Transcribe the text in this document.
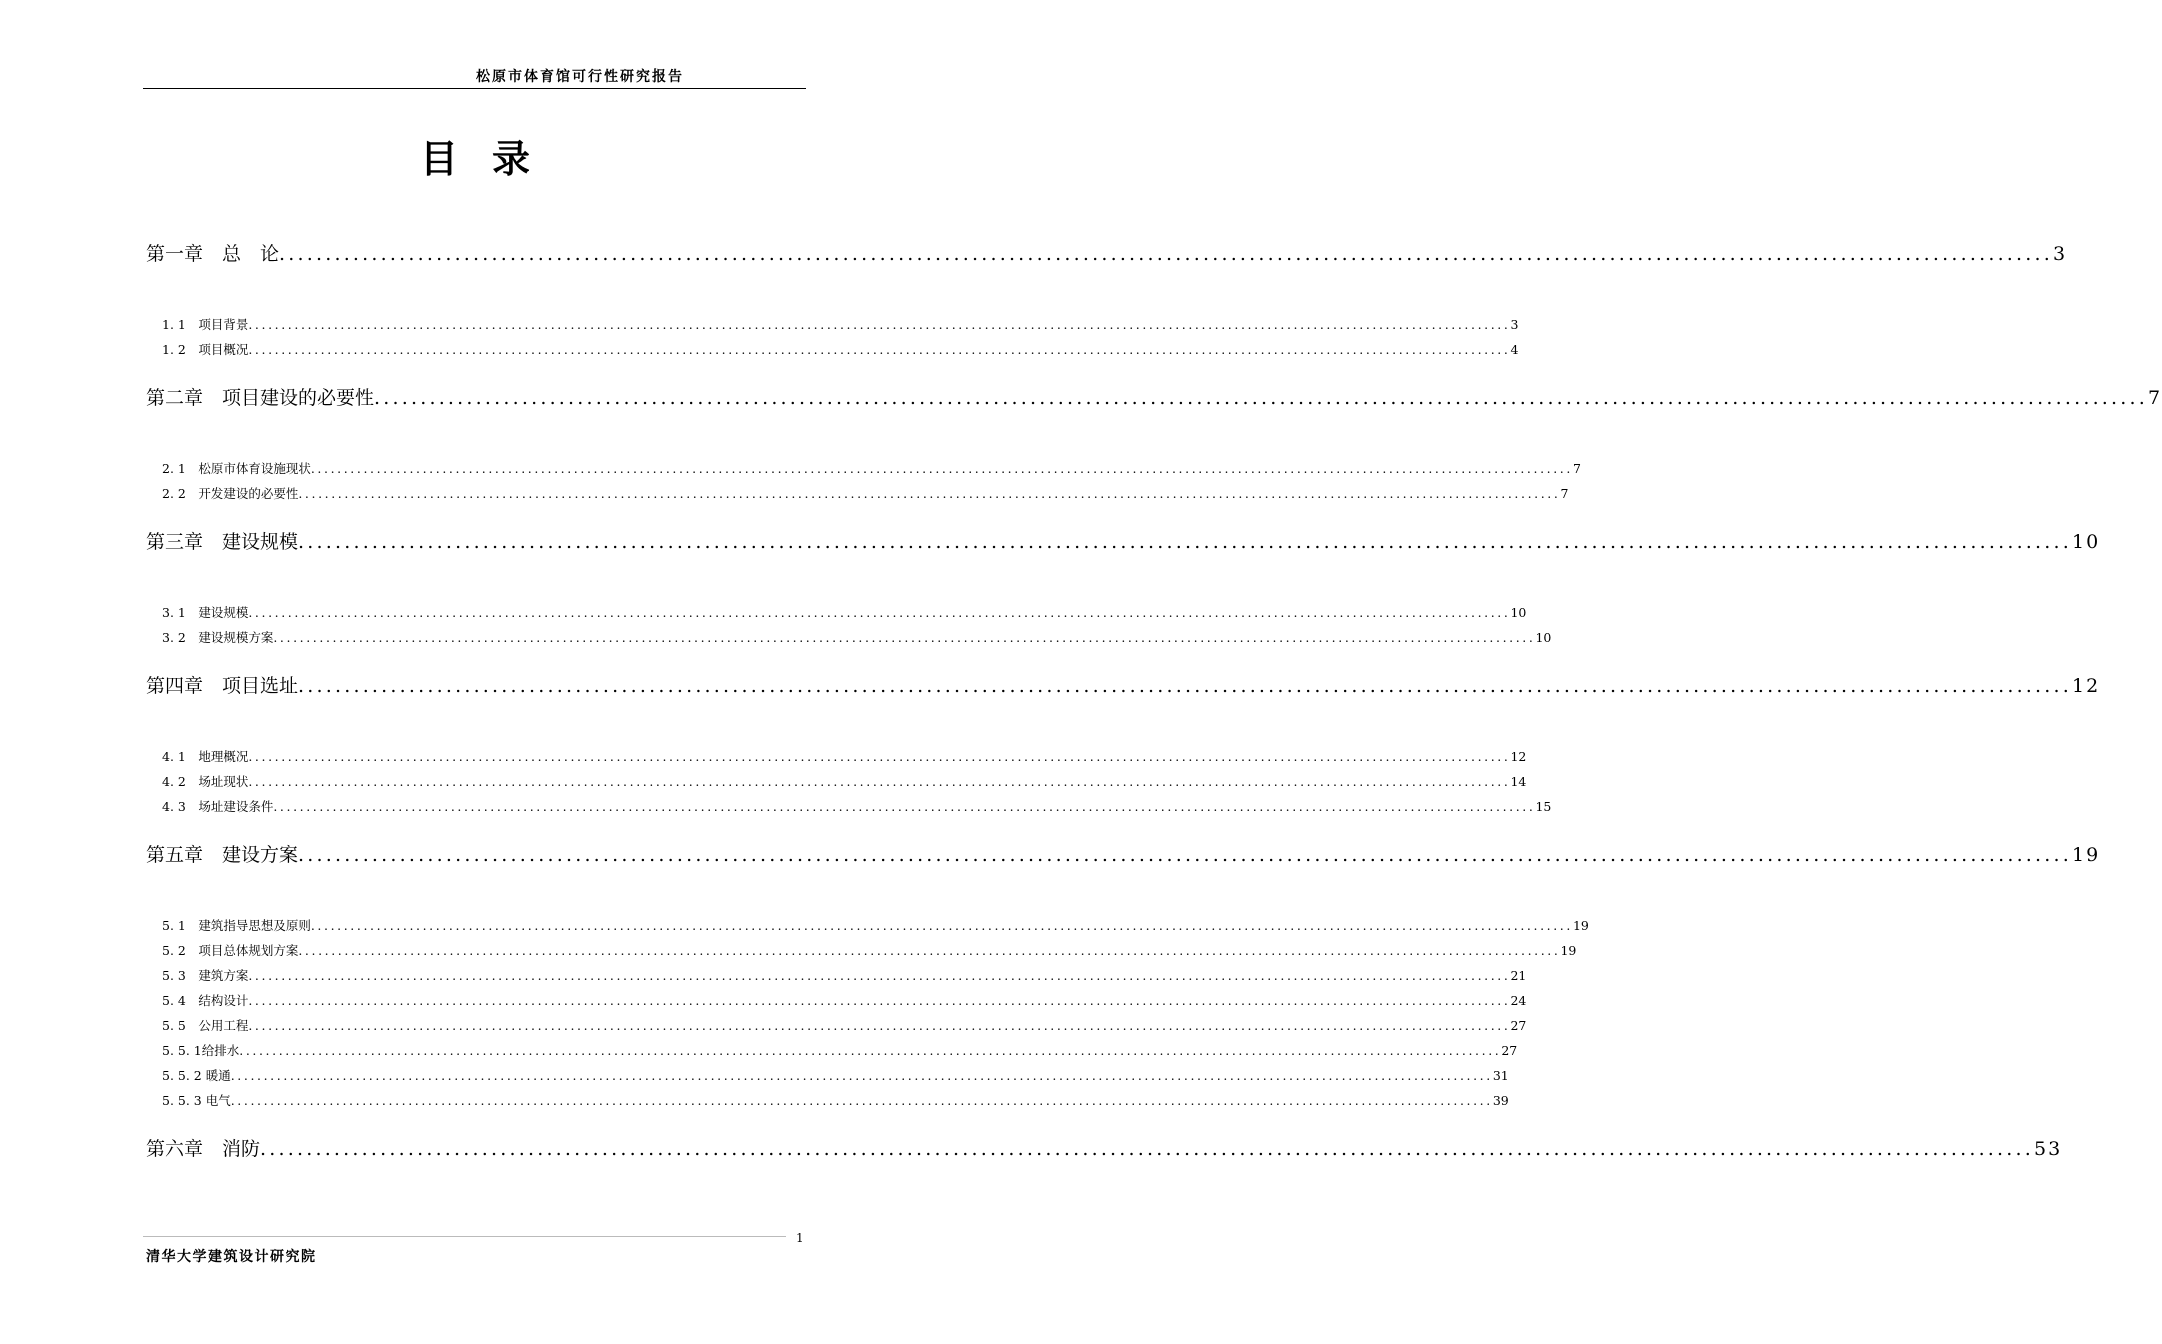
松原市体育馆可行性研究报告
目录
第一章　总　论 ................................................................................................................................................................................................ 3
1. 1　项目背景 ................................................................................................................................................................................................ 3
1. 2　项目概况 ................................................................................................................................................................................................ 4
第二章　项目建设的必要性 ................................................................................................................................................................................................ 7
2. 1　松原市体育设施现状 ................................................................................................................................................................................................ 7
2. 2　开发建设的必要性 ................................................................................................................................................................................................ 7
第三章　建设规模 ................................................................................................................................................................................................ 10
3. 1　建设规模 ................................................................................................................................................................................................ 10
3. 2　建设规模方案 ................................................................................................................................................................................................ 10
第四章　项目选址 ................................................................................................................................................................................................ 12
4. 1　地理概况 ................................................................................................................................................................................................ 12
4. 2　场址现状 ................................................................................................................................................................................................ 14
4. 3　场址建设条件 ................................................................................................................................................................................................ 15
第五章　建设方案 ................................................................................................................................................................................................ 19
5. 1　建筑指导思想及原则 ................................................................................................................................................................................................ 19
5. 2　项目总体规划方案 ................................................................................................................................................................................................ 19
5. 3　建筑方案 ................................................................................................................................................................................................ 21
5. 4　结构设计 ................................................................................................................................................................................................ 24
5. 5　公用工程 ................................................................................................................................................................................................ 27
5. 5. 1给排水 ................................................................................................................................................................................................ 27
5. 5. 2 暖通 ................................................................................................................................................................................................ 31
5. 5. 3 电气 ................................................................................................................................................................................................ 39
第六章　消防 ................................................................................................................................................................................................ 53
1
清华大学建筑设计研究院
